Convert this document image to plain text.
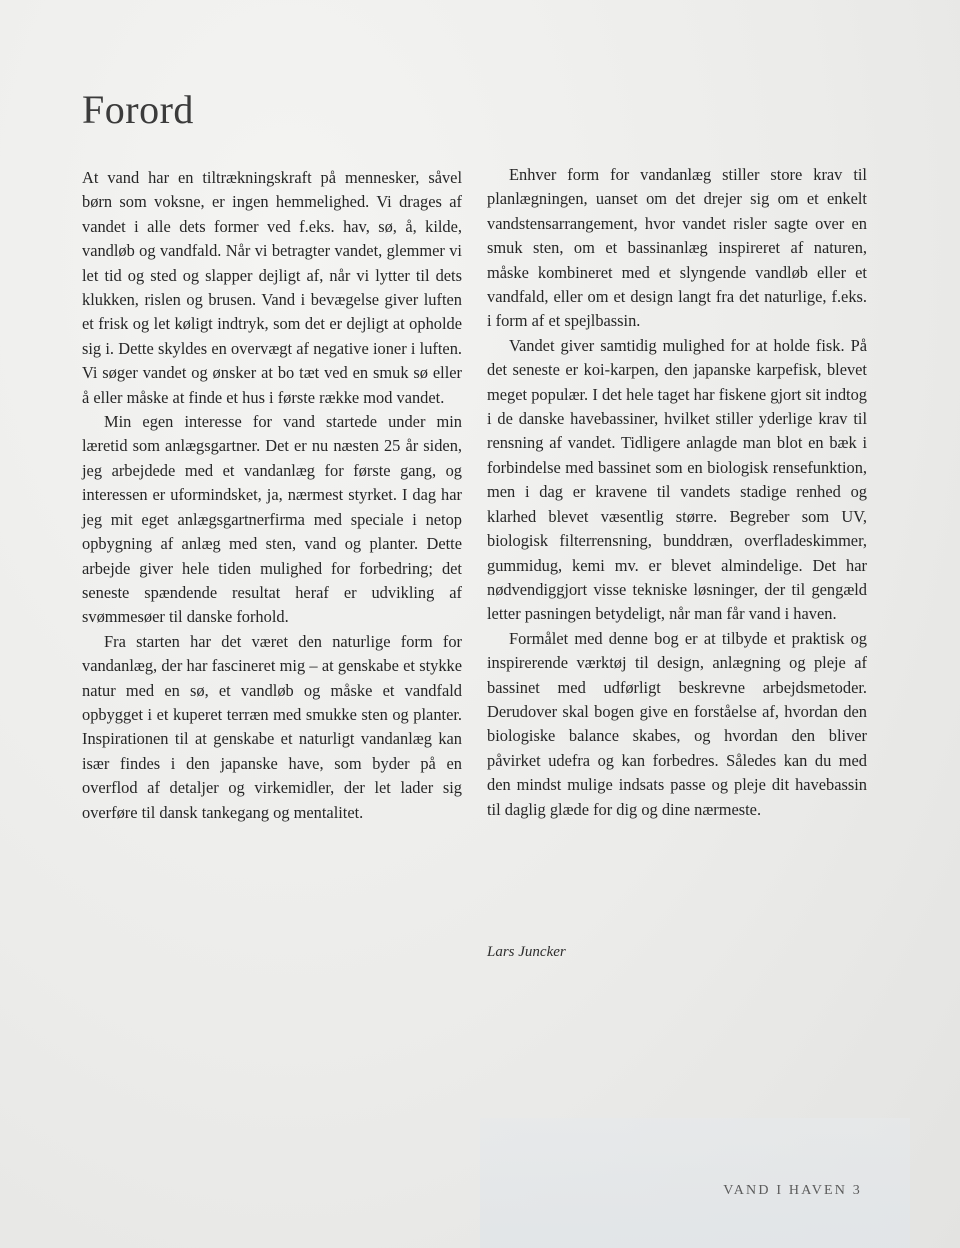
Forord

At vand har en tiltrækningskraft på mennesker, såvel børn som voksne, er ingen hemmelighed. Vi drages af vandet i alle dets former ved f.eks. hav, sø, å, kilde, vandløb og vandfald. Når vi betragter vandet, glemmer vi let tid og sted og slapper dejligt af, når vi lytter til dets klukken, rislen og brusen. Vand i bevægelse giver luften et frisk og let køligt indtryk, som det er dejligt at opholde sig i. Dette skyldes en overvægt af negative ioner i luften. Vi søger vandet og ønsker at bo tæt ved en smuk sø eller å eller måske at finde et hus i første række mod vandet.

Min egen interesse for vand startede under min læretid som anlægsgartner. Det er nu næsten 25 år siden, jeg arbejdede med et vandanlæg for første gang, og interessen er uformindsket, ja, nærmest styrket. I dag har jeg mit eget anlægsgartnerfirma med speciale i netop opbygning af anlæg med sten, vand og planter. Dette arbejde giver hele tiden mulighed for forbedring; det seneste spændende resultat heraf er udvikling af svømmesøer til danske forhold.

Fra starten har det været den naturlige form for vandanlæg, der har fascineret mig – at genskabe et stykke natur med en sø, et vandløb og måske et vandfald opbygget i et kuperet terræn med smukke sten og planter. Inspirationen til at genskabe et naturligt vandanlæg kan især findes i den japanske have, som byder på en overflod af detaljer og virkemidler, der let lader sig overføre til dansk tankegang og mentalitet.

Enhver form for vandanlæg stiller store krav til planlægningen, uanset om det drejer sig om et enkelt vandstensarrangement, hvor vandet risler sagte over en smuk sten, om et bassinanlæg inspireret af naturen, måske kombineret med et slyngende vandløb eller et vandfald, eller om et design langt fra det naturlige, f.eks. i form af et spejlbassin.

Vandet giver samtidig mulighed for at holde fisk. På det seneste er koi-karpen, den japanske karpefisk, blevet meget populær. I det hele taget har fiskene gjort sit indtog i de danske havebassiner, hvilket stiller yderlige krav til rensning af vandet. Tidligere anlagde man blot en bæk i forbindelse med bassinet som en biologisk rensefunktion, men i dag er kravene til vandets stadige renhed og klarhed blevet væsentlig større. Begreber som UV, biologisk filterrensning, bunddræn, overfladeskimmer, gummidug, kemi mv. er blevet almindelige. Det har nødvendiggjort visse tekniske løsninger, der til gengæld letter pasningen betydeligt, når man får vand i haven.

Formålet med denne bog er at tilbyde et praktisk og inspirerende værktøj til design, anlægning og pleje af bassinet med udførligt beskrevne arbejdsmetoder. Derudover skal bogen give en forståelse af, hvordan den biologiske balance skabes, og hvordan den bliver påvirket udefra og kan forbedres. Således kan du med den mindst mulige indsats passe og pleje dit havebassin til daglig glæde for dig og dine nærmeste.

Lars Juncker
VAND I HAVEN 3
